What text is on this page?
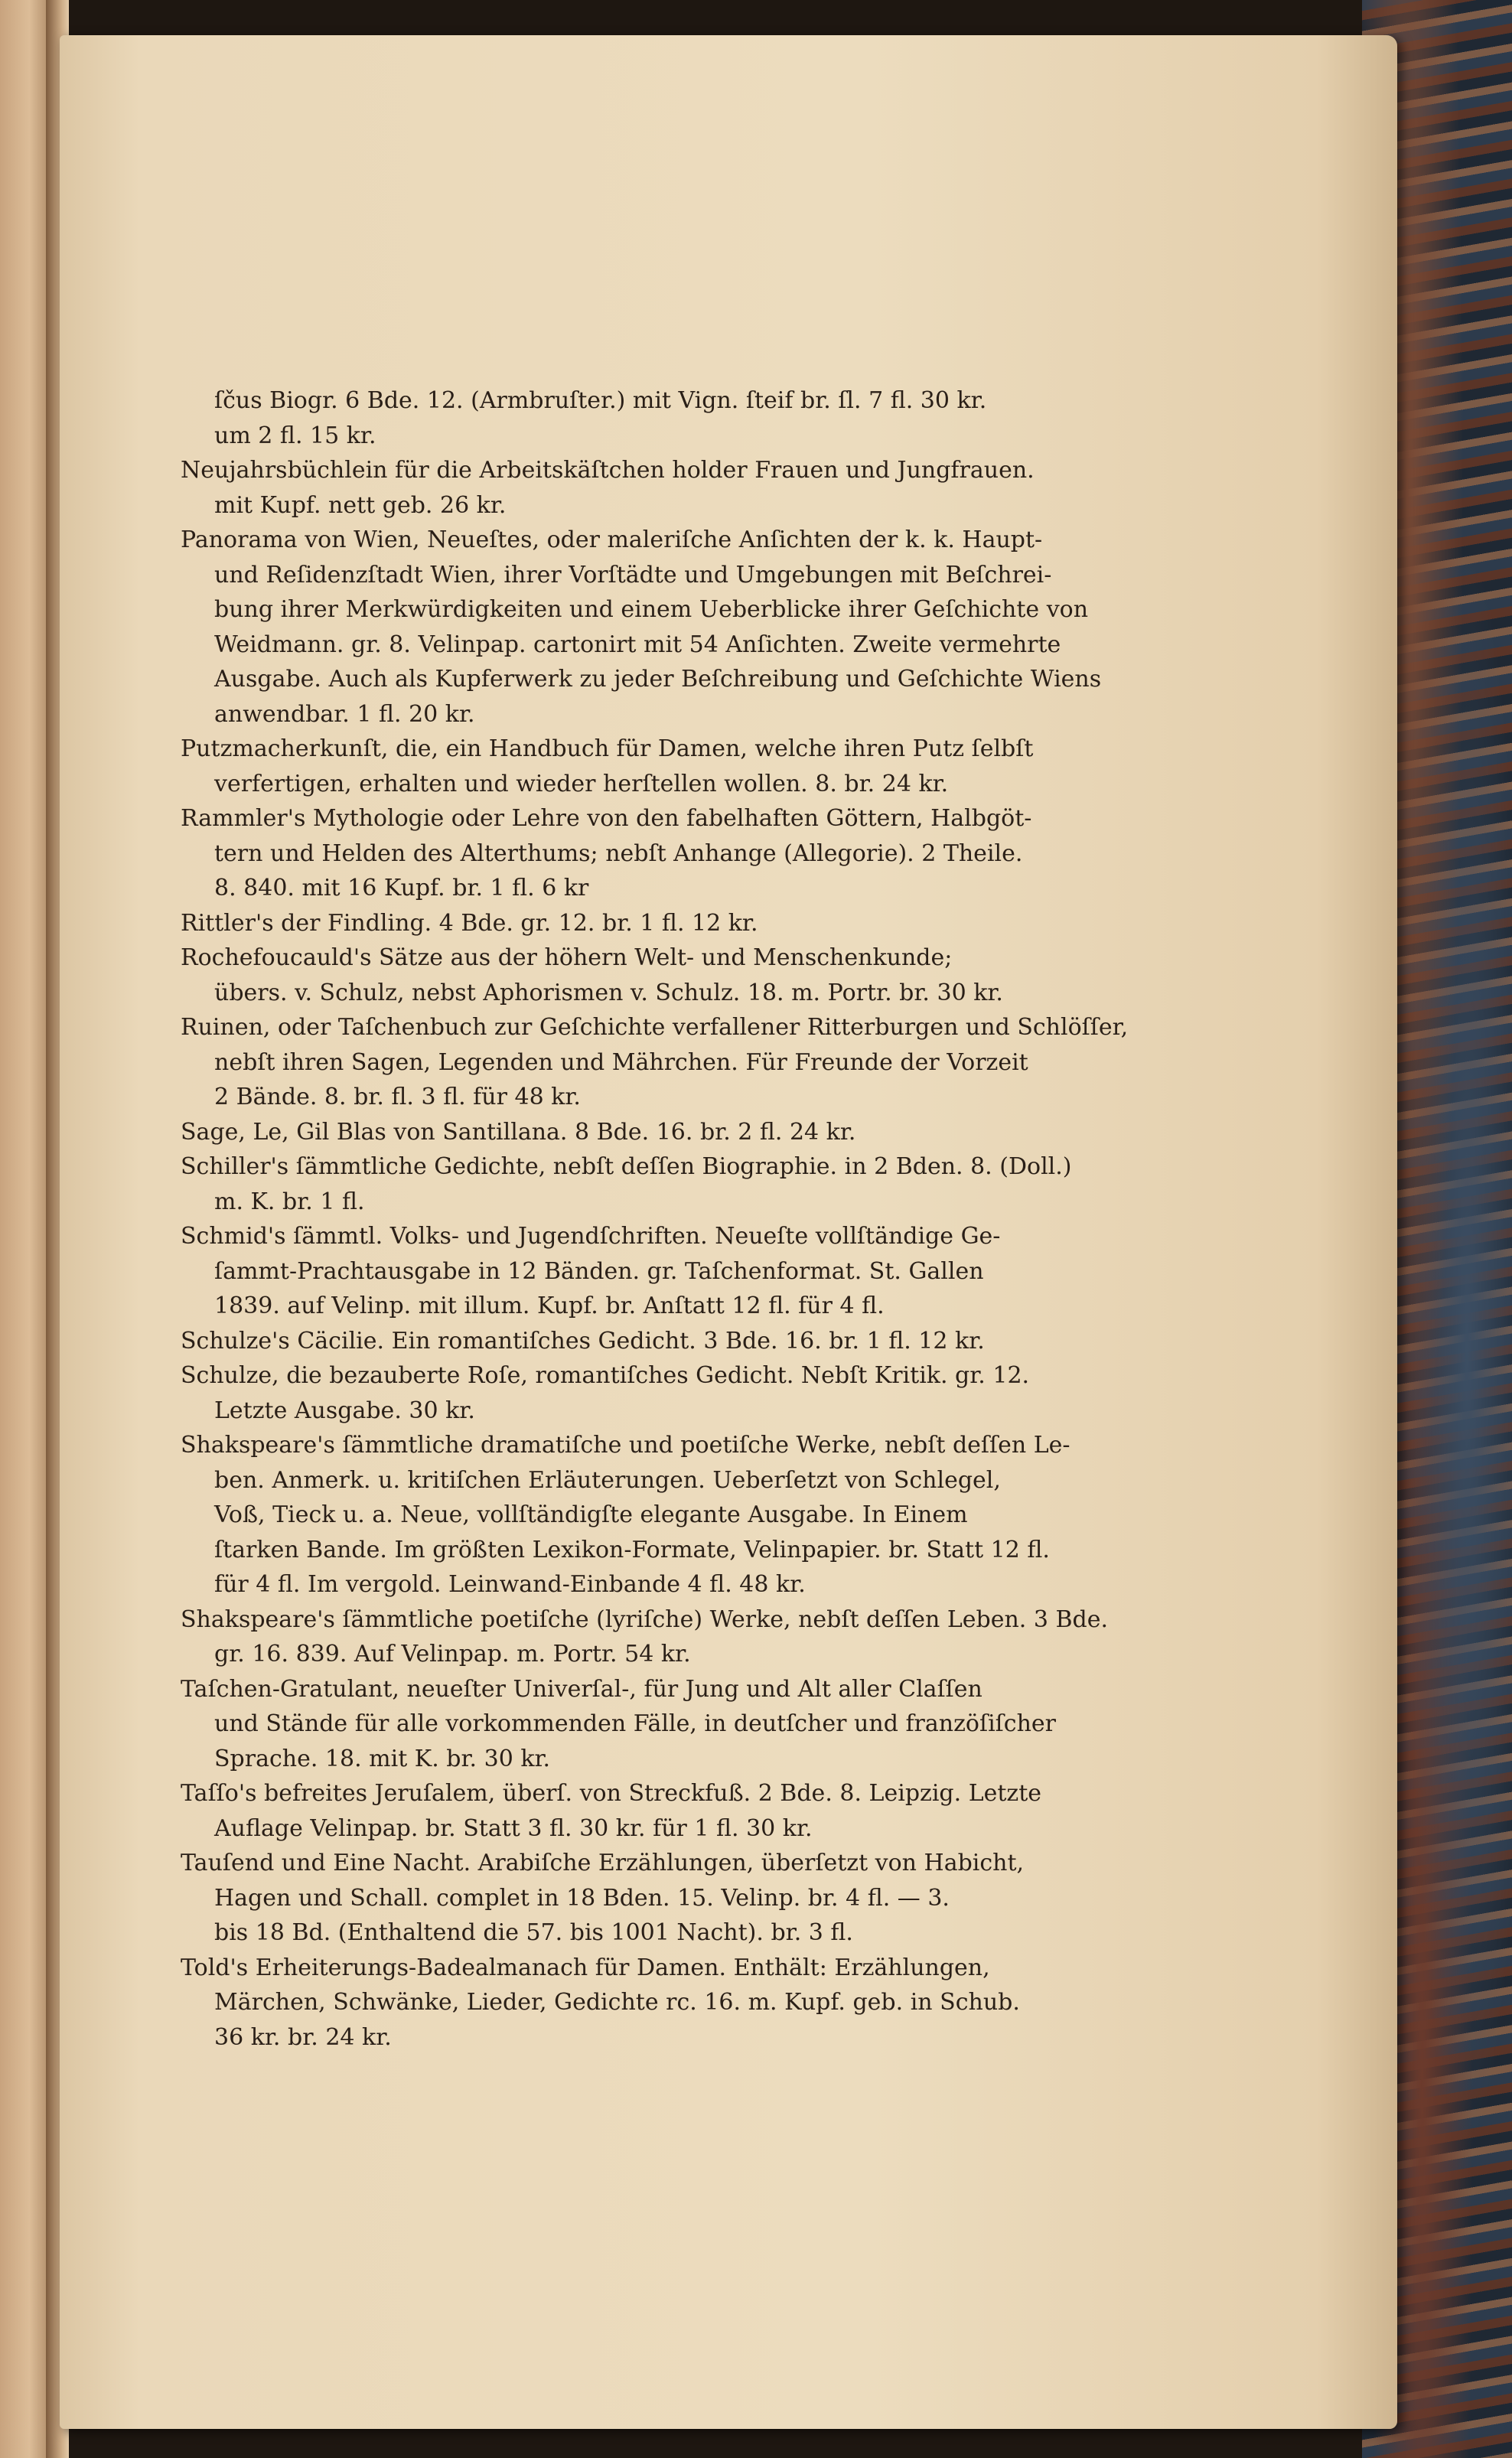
ſčus Biogr. 6 Bde. 12. (Armbruſter.) mit Vign. ſteif br. ſl. 7 fl. 30 kr.
um 2 fl. 15 kr.
Neujahrsbüchlein für die Arbeitskäſtchen holder Frauen und Jungfrauen.
mit Kupf. nett geb. 26 kr.
Panorama von Wien, Neueſtes, oder maleriſche Anſichten der k. k. Haupt-
und Reſidenzſtadt Wien, ihrer Vorſtädte und Umgebungen mit Beſchrei-
bung ihrer Merkwürdigkeiten und einem Ueberblicke ihrer Geſchichte von
Weidmann. gr. 8. Velinpap. cartonirt mit 54 Anſichten. Zweite vermehrte
Ausgabe. Auch als Kupferwerk zu jeder Beſchreibung und Geſchichte Wiens
anwendbar. 1 fl. 20 kr.
Putzmacherkunſt, die, ein Handbuch für Damen, welche ihren Putz ſelbſt
verfertigen, erhalten und wieder herſtellen wollen. 8. br. 24 kr.
Rammler's Mythologie oder Lehre von den fabelhaften Göttern, Halbgöt-
tern und Helden des Alterthums; nebſt Anhange (Allegorie). 2 Theile.
8. 840. mit 16 Kupf. br. 1 fl. 6 kr
Rittler's der Findling. 4 Bde. gr. 12. br. 1 fl. 12 kr.
Rochefoucauld's Sätze aus der höhern Welt- und Menschenkunde;
übers. v. Schulz, nebst Aphorismen v. Schulz. 18. m. Portr. br. 30 kr.
Ruinen, oder Taſchenbuch zur Geſchichte verfallener Ritterburgen und Schlöſſer,
nebſt ihren Sagen, Legenden und Mährchen. Für Freunde der Vorzeit
2 Bände. 8. br. fl. 3 fl. für 48 kr.
Sage, Le, Gil Blas von Santillana. 8 Bde. 16. br. 2 fl. 24 kr.
Schiller's ſämmtliche Gedichte, nebſt deſſen Biographie. in 2 Bden. 8. (Doll.)
m. K. br. 1 fl.
Schmid's ſämmtl. Volks- und Jugendſchriften. Neueſte vollſtändige Ge-
ſammt-Prachtausgabe in 12 Bänden. gr. Taſchenformat. St. Gallen
1839. auf Velinp. mit illum. Kupf. br. Anſtatt 12 fl. für 4 fl.
Schulze's Cäcilie. Ein romantiſches Gedicht. 3 Bde. 16. br. 1 fl. 12 kr.
Schulze, die bezauberte Roſe, romantiſches Gedicht. Nebſt Kritik. gr. 12.
Letzte Ausgabe. 30 kr.
Shakspeare's ſämmtliche dramatiſche und poetiſche Werke, nebſt deſſen Le-
ben. Anmerk. u. kritiſchen Erläuterungen. Ueberſetzt von Schlegel,
Voß, Tieck u. a. Neue, vollſtändigſte elegante Ausgabe. In Einem
ſtarken Bande. Im größten Lexikon-Formate, Velinpapier. br. Statt 12 fl.
für 4 fl. Im vergold. Leinwand-Einbande 4 fl. 48 kr.
Shakspeare's ſämmtliche poetiſche (lyriſche) Werke, nebſt deſſen Leben. 3 Bde.
gr. 16. 839. Auf Velinpap. m. Portr. 54 kr.
Taſchen-Gratulant, neueſter Univerſal-, für Jung und Alt aller Claſſen
und Stände für alle vorkommenden Fälle, in deutſcher und franzöſiſcher
Sprache. 18. mit K. br. 30 kr.
Taſſo's befreites Jeruſalem, überſ. von Streckfuß. 2 Bde. 8. Leipzig. Letzte
Auflage Velinpap. br. Statt 3 fl. 30 kr. für 1 fl. 30 kr.
Tauſend und Eine Nacht. Arabiſche Erzählungen, überſetzt von Habicht,
Hagen und Schall. complet in 18 Bden. 15. Velinp. br. 4 fl. — 3.
bis 18 Bd. (Enthaltend die 57. bis 1001 Nacht). br. 3 fl.
Told's Erheiterungs-Badealmanach für Damen. Enthält: Erzählungen,
Märchen, Schwänke, Lieder, Gedichte rc. 16. m. Kupf. geb. in Schub.
36 kr. br. 24 kr.
